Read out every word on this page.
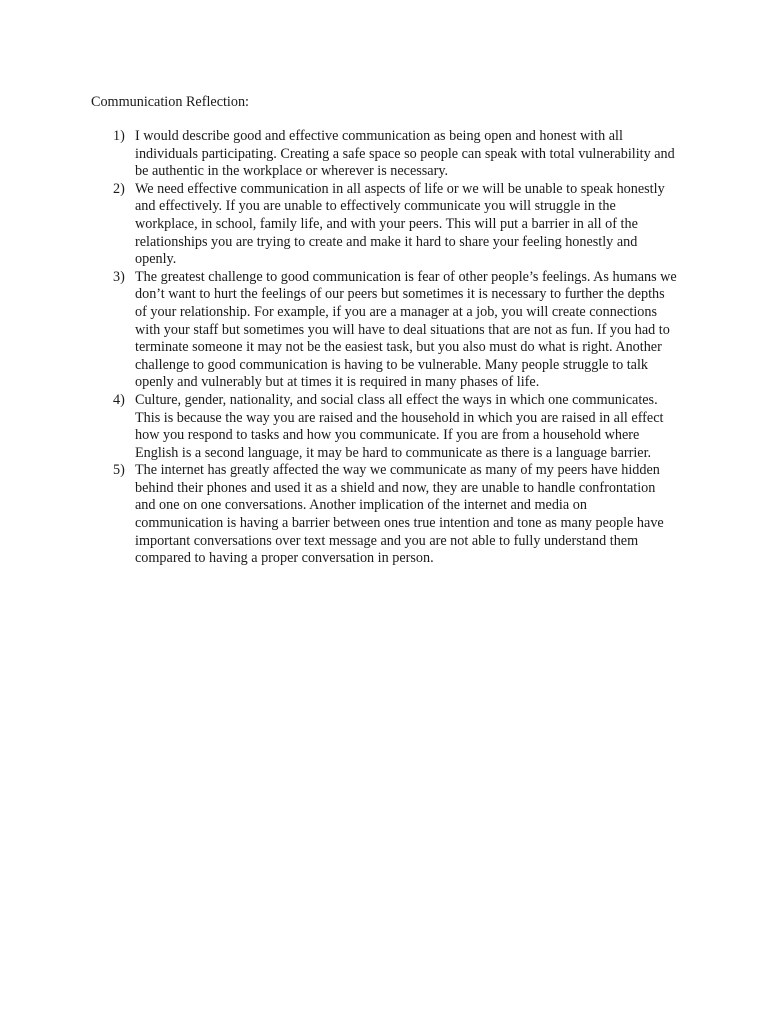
Communication Reflection:
1) I would describe good and effective communication as being open and honest with all individuals participating. Creating a safe space so people can speak with total vulnerability and be authentic in the workplace or wherever is necessary.

2) We need effective communication in all aspects of life or we will be unable to speak honestly and effectively. If you are unable to effectively communicate you will struggle in the workplace, in school, family life, and with your peers. This will put a barrier in all of the relationships you are trying to create and make it hard to share your feeling honestly and openly.

3) The greatest challenge to good communication is fear of other people’s feelings. As humans we don’t want to hurt the feelings of our peers but sometimes it is necessary to further the depths of your relationship. For example, if you are a manager at a job, you will create connections with your staff but sometimes you will have to deal situations that are not as fun. If you had to terminate someone it may not be the easiest task, but you also must do what is right. Another challenge to good communication is having to be vulnerable. Many people struggle to talk openly and vulnerably but at times it is required in many phases of life.

4) Culture, gender, nationality, and social class all effect the ways in which one communicates. This is because the way you are raised and the household in which you are raised in all effect how you respond to tasks and how you communicate. If you are from a household where English is a second language, it may be hard to communicate as there is a language barrier.

5) The internet has greatly affected the way we communicate as many of my peers have hidden behind their phones and used it as a shield and now, they are unable to handle confrontation and one on one conversations. Another implication of the internet and media on communication is having a barrier between ones true intention and tone as many people have important conversations over text message and you are not able to fully understand them compared to having a proper conversation in person.
